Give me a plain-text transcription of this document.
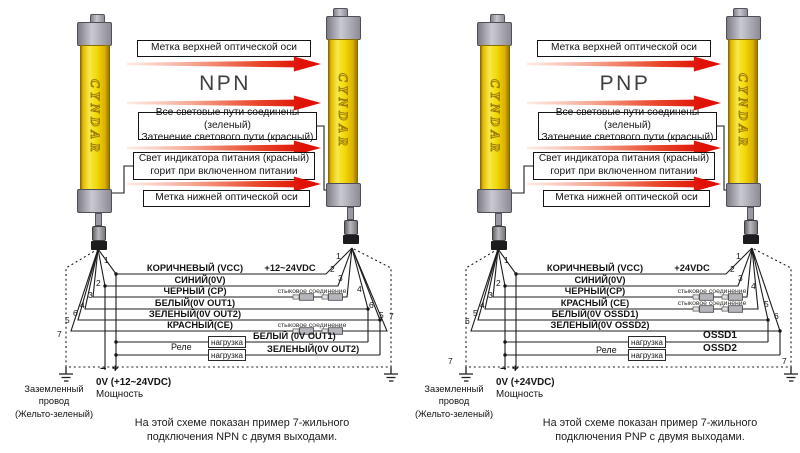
CYNDAR	CYNDAR
Метка верхней оптической оси
NPN
Все световые пути соединены (зеленый)
Затенение светового пути (красный)
Свет индикатора питания (красный)
горит при включенном питании
Метка нижней оптической оси
КОРИЧНЕВЫЙ (VCC)	+12~24VDC
СИНИЙ(0V)
ЧЕРНЫЙ (CP)	стыковое соединение
БЕЛЫЙ(0V OUT1)
ЗЕЛЕНЫЙ(0V OUT2)
КРАСНЫЙ(CE)	стыковое соединение
БЕЛЫЙ (0V OUT1)
ЗЕЛЕНЫЙ(0V OUT2)
Реле нагрузка
нагрузка
1
2
3
4
6
5
7
1
2
3
4
6
5 7
− +
0V (+12~24VDC)
Мощность
Заземленный
провод
(Жельто-зеленый)
На этой схеме показан пример 7-жильного
подключения NPN с двумя выходами.
CYNDAR	CYNDAR
Метка верхней оптической оси
PNP
Все световые пути соединены (зеленый)
Затенение светового пути (красный)
Свет индикатора питания (красный)
горит при включенном питании
Метка нижней оптической оси
КОРИЧНЕВЫЙ (VCC)	+24VDC
СИНИЙ(0V)
ЧЕРНЫЙ(CP)	стыковое соединение
КРАСНЫЙ (CE)	стыковое соединение
БЕЛЫЙ(0V OSSD1)
ЗЕЛЕНЫЙ(0V OSSD2)
OSSD1
OSSD2
Реле
нагрузка
нагрузка
1
2
3
4
5
6
7
1
2
3
4
5
6
7
− +
0V (+24VDC)
Мощность
Заземленный
провод
(Жельто-зеленый)
На этой схеме показан пример 7-жильного
подключения PNP с двумя выходами.
